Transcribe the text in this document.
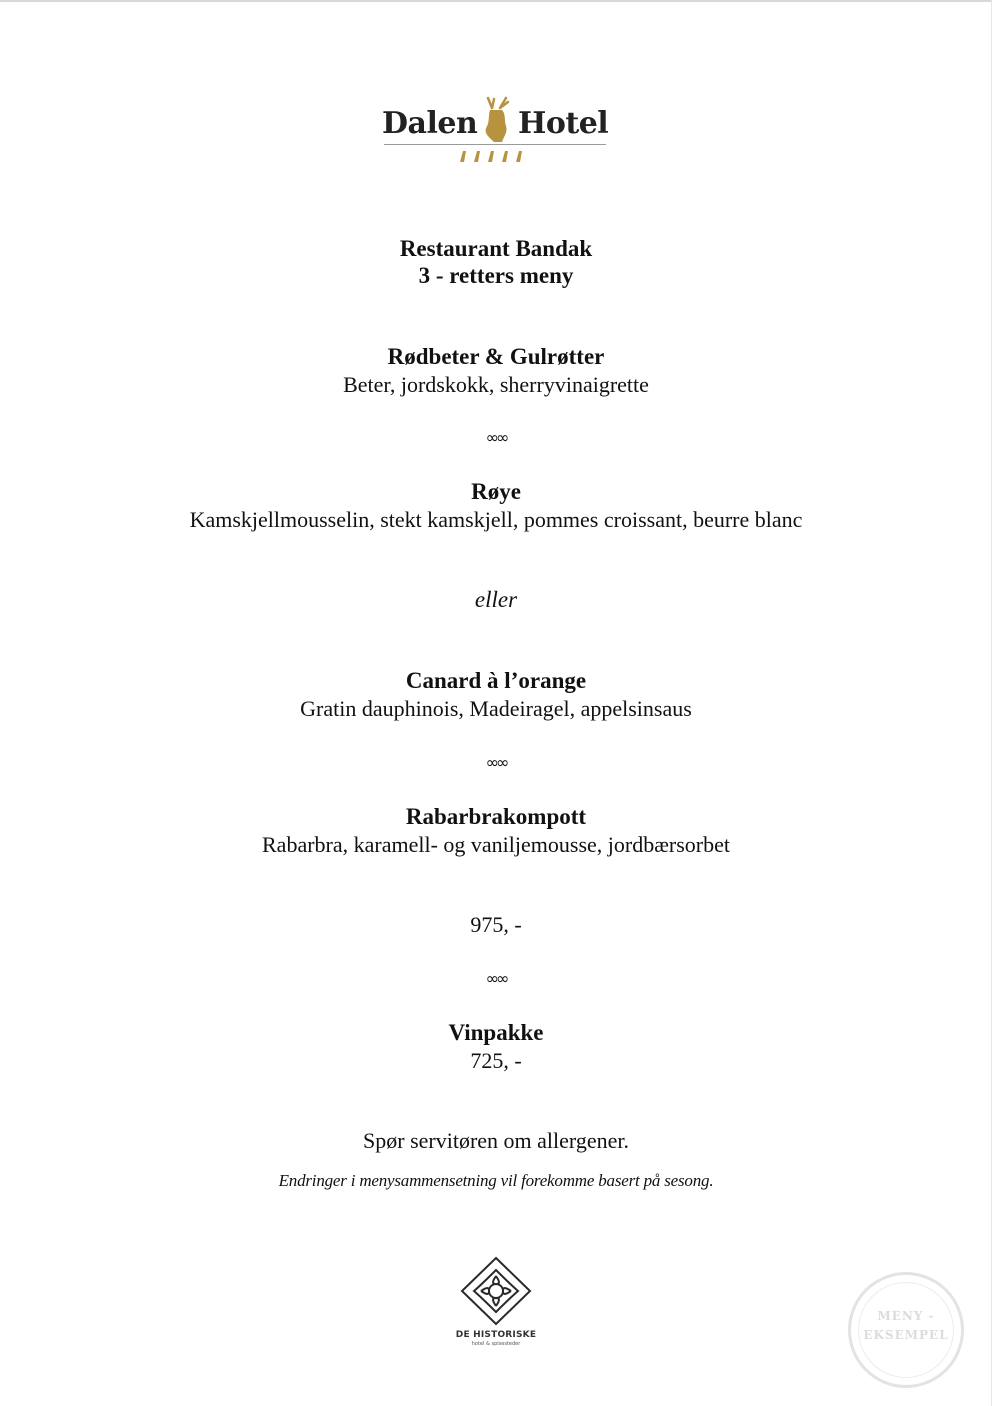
Dalen Hotel
Restaurant Bandak
3 - retters meny
Rødbeter & Gulrøtter
Beter, jordskokk, sherryvinaigrette
∞∞
Røye
Kamskjellmousselin, stekt kamskjell, pommes croissant, beurre blanc
eller
Canard à l’orange
Gratin dauphinois, Madeiragel, appelsinsaus
∞∞
Rabarbrakompott
Rabarbra, karamell- og vaniljemousse, jordbærsorbet
975, -
∞∞
Vinpakke
725, -
Spør servitøren om allergener.
Endringer i menysammensetning vil forekomme basert på sesong.
DE HISTORISKE
hotel & spisesteder
MENY -
EKSEMPEL
